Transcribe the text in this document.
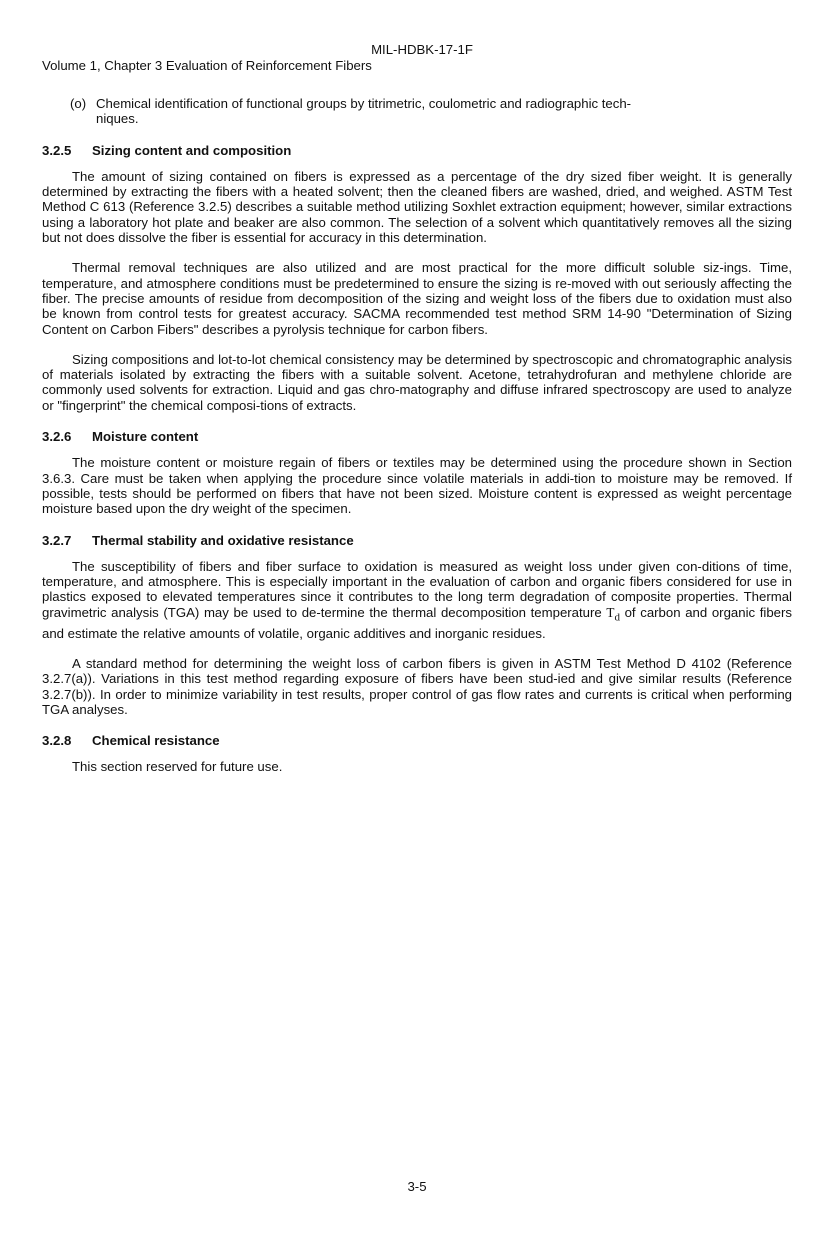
MIL-HDBK-17-1F
Volume 1, Chapter 3 Evaluation of Reinforcement Fibers
(o) Chemical identification of functional groups by titrimetric, coulometric and radiographic tech-
niques.
3.2.5 Sizing content and composition

The amount of sizing contained on fibers is expressed as a percentage of the dry sized fiber weight. It is generally determined by extracting the fibers with a heated solvent; then the cleaned fibers are washed, dried, and weighed. ASTM Test Method C 613 (Reference 3.2.5) describes a suitable method utilizing Soxhlet extraction equipment; however, similar extractions using a laboratory hot plate and beaker are also common. The selection of a solvent which quantitatively removes all the sizing but not does dissolve the fiber is essential for accuracy in this determination.

Thermal removal techniques are also utilized and are most practical for the more difficult soluble siz-ings. Time, temperature, and atmosphere conditions must be predetermined to ensure the sizing is re-moved with out seriously affecting the fiber. The precise amounts of residue from decomposition of the sizing and weight loss of the fibers due to oxidation must also be known from control tests for greatest accuracy. SACMA recommended test method SRM 14-90 "Determination of Sizing Content on Carbon Fibers" describes a pyrolysis technique for carbon fibers.

Sizing compositions and lot-to-lot chemical consistency may be determined by spectroscopic and chromatographic analysis of materials isolated by extracting the fibers with a suitable solvent. Acetone, tetrahydrofuran and methylene chloride are commonly used solvents for extraction. Liquid and gas chro-matography and diffuse infrared spectroscopy are used to analyze or "fingerprint" the chemical composi-tions of extracts.

3.2.6 Moisture content

The moisture content or moisture regain of fibers or textiles may be determined using the procedure shown in Section 3.6.3. Care must be taken when applying the procedure since volatile materials in addi-tion to moisture may be removed. If possible, tests should be performed on fibers that have not been sized. Moisture content is expressed as weight percentage moisture based upon the dry weight of the specimen.

3.2.7 Thermal stability and oxidative resistance

The susceptibility of fibers and fiber surface to oxidation is measured as weight loss under given con-ditions of time, temperature, and atmosphere. This is especially important in the evaluation of carbon and organic fibers considered for use in plastics exposed to elevated temperatures since it contributes to the long term degradation of composite properties. Thermal gravimetric analysis (TGA) may be used to de-termine the thermal decomposition temperature $T_d$ of carbon and organic fibers and estimate the relative amounts of volatile, organic additives and inorganic residues.

A standard method for determining the weight loss of carbon fibers is given in ASTM Test Method D 4102 (Reference 3.2.7(a)). Variations in this test method regarding exposure of fibers have been stud-ied and give similar results (Reference 3.2.7(b)). In order to minimize variability in test results, proper control of gas flow rates and currents is critical when performing TGA analyses.

3.2.8 Chemical resistance

This section reserved for future use.

3-5
